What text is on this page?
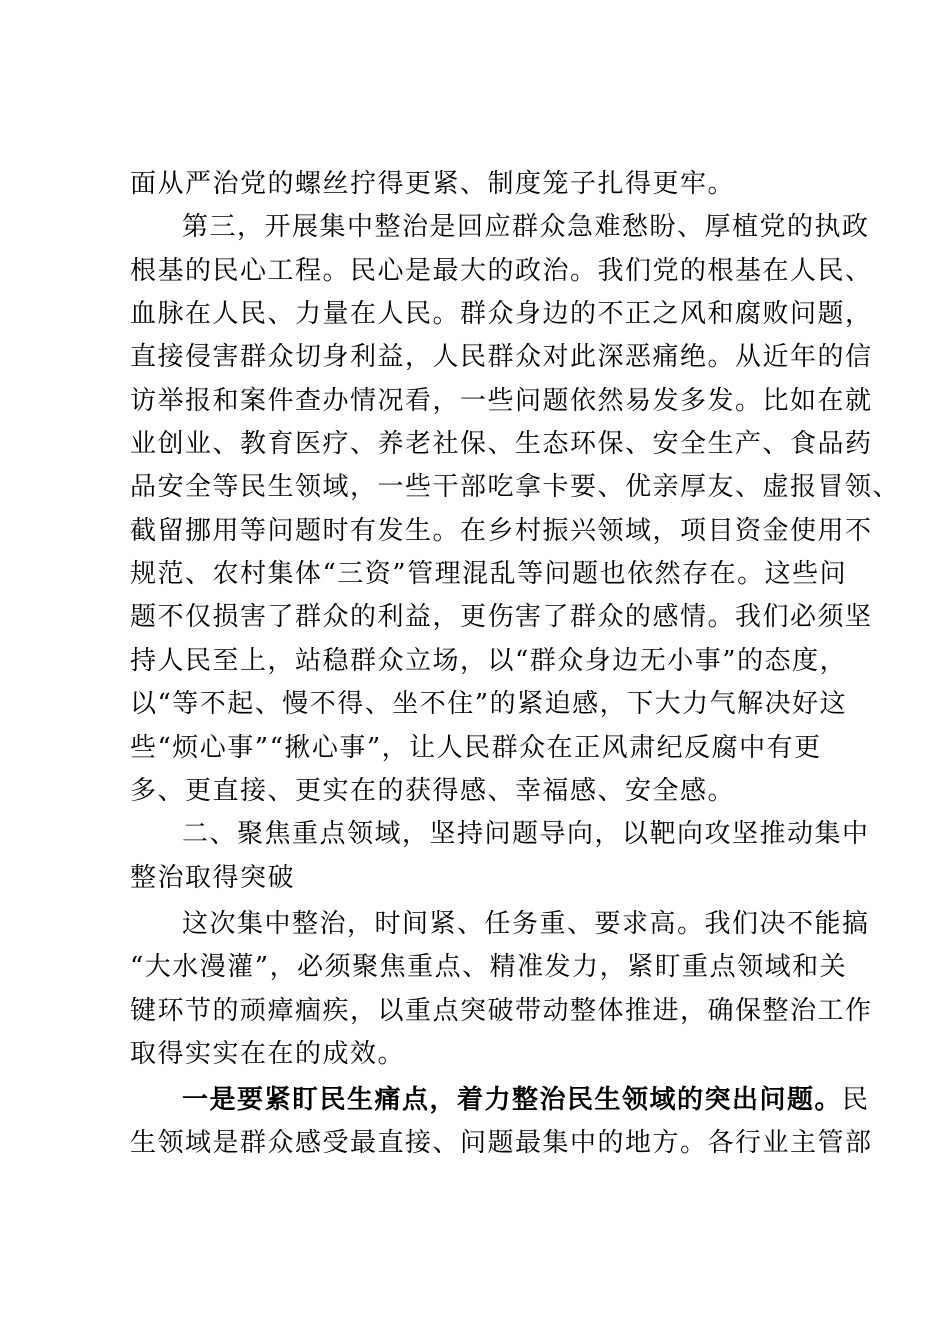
面从严治党的螺丝拧得更紧、制度笼子扎得更牢。
第三，开展集中整治是回应群众急难愁盼、厚植党的执政
根基的民心工程。民心是最大的政治。我们党的根基在人民、
血脉在人民、力量在人民。群众身边的不正之风和腐败问题，
直接侵害群众切身利益，人民群众对此深恶痛绝。从近年的信
访举报和案件查办情况看，一些问题依然易发多发。比如在就
业创业、教育医疗、养老社保、生态环保、安全生产、食品药
品安全等民生领域，一些干部吃拿卡要、优亲厚友、虚报冒领、
截留挪用等问题时有发生。在乡村振兴领域，项目资金使用不
规范、农村集体“三资”管理混乱等问题也依然存在。这些问
题不仅损害了群众的利益，更伤害了群众的感情。我们必须坚
持人民至上，站稳群众立场，以“群众身边无小事”的态度，
以“等不起、慢不得、坐不住”的紧迫感，下大力气解决好这
些“烦心事”“揪心事”，让人民群众在正风肃纪反腐中有更
多、更直接、更实在的获得感、幸福感、安全感。
二、聚焦重点领域，坚持问题导向，以靶向攻坚推动集中
整治取得突破
这次集中整治，时间紧、任务重、要求高。我们决不能搞
“大水漫灌”，必须聚焦重点、精准发力，紧盯重点领域和关
键环节的顽瘴痼疾，以重点突破带动整体推进，确保整治工作
取得实实在在的成效。
一是要紧盯民生痛点，着力整治民生领域的突出问题。民
生领域是群众感受最直接、问题最集中的地方。各行业主管部
